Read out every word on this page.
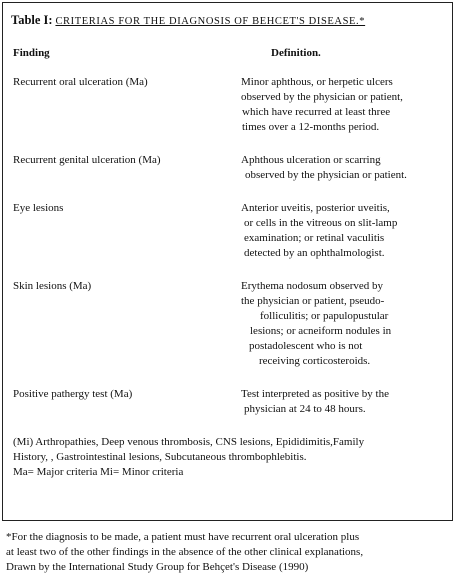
Table I: CRITERIAS FOR THE DIAGNOSIS OF BEHCET'S DISEASE.*
Finding	Definition.
Recurrent oral ulceration (Ma)	Minor aphthous, or herpetic ulcers
observed by the physician or patient,
which have recurred at least three
times over a 12-months period.
Recurrent genital ulceration (Ma)	Aphthous ulceration or scarring
observed by the physician or patient.
Eye lesions	Anterior uveitis, posterior uveitis,
or cells in the vitreous on slit-lamp
examination; or retinal vaculitis
detected by an ophthalmologist.
Skin lesions (Ma)	Erythema nodosum observed by
the physician or patient, pseudo-
folliculitis; or papulopustular
lesions; or acneiform nodules in
postadolescent who is not
receiving corticosteroids.
Positive pathergy test (Ma)	Test interpreted as positive by the
physician at 24 to 48 hours.
(Mi) Arthropathies, Deep venous thrombosis, CNS lesions, Epididimitis,Family
History, , Gastrointestinal lesions, Subcutaneous thrombophlebitis.
Ma= Major criteria Mi= Minor criteria
*For the diagnosis to be made, a patient must have recurrent oral ulceration plus
at least two of the other findings in the absence of the other clinical explanations,
Drawn by the International Study Group for Behçet's Disease (1990)
